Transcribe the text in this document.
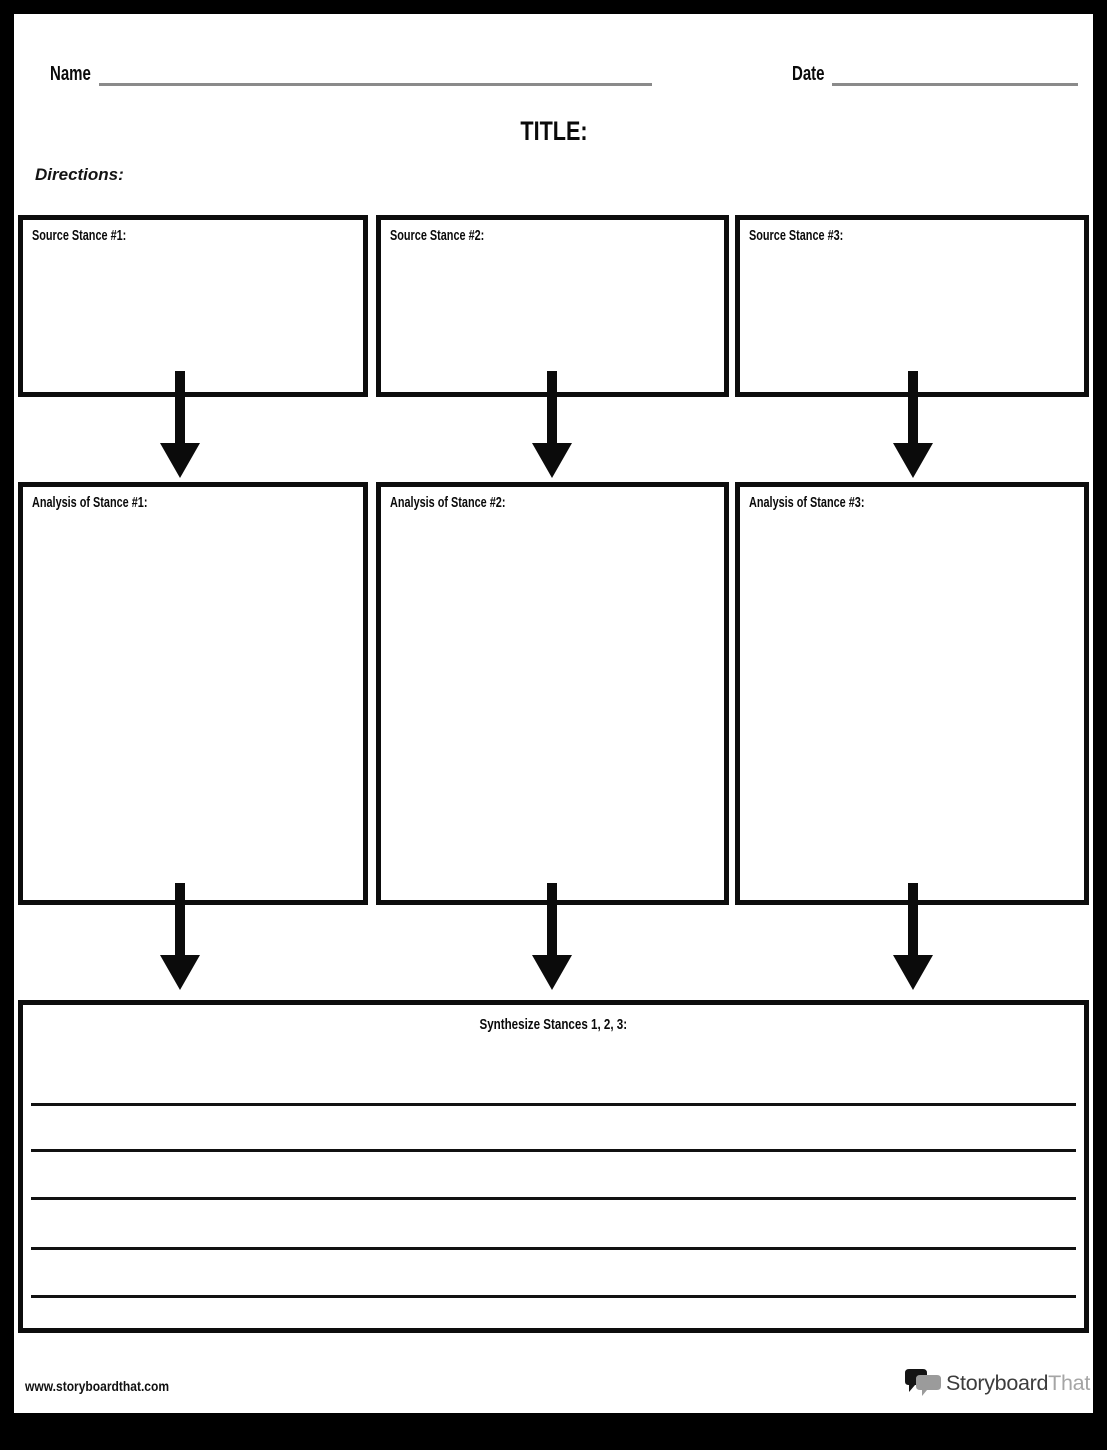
Name	Date
TITLE:
Directions:
Source Stance #1:	Source Stance #2:	Source Stance #3:
Analysis of Stance #1:	Analysis of Stance #2:	Analysis of Stance #3:
Synthesize Stances 1, 2, 3:
www.storyboardthat.com	StoryboardThat
